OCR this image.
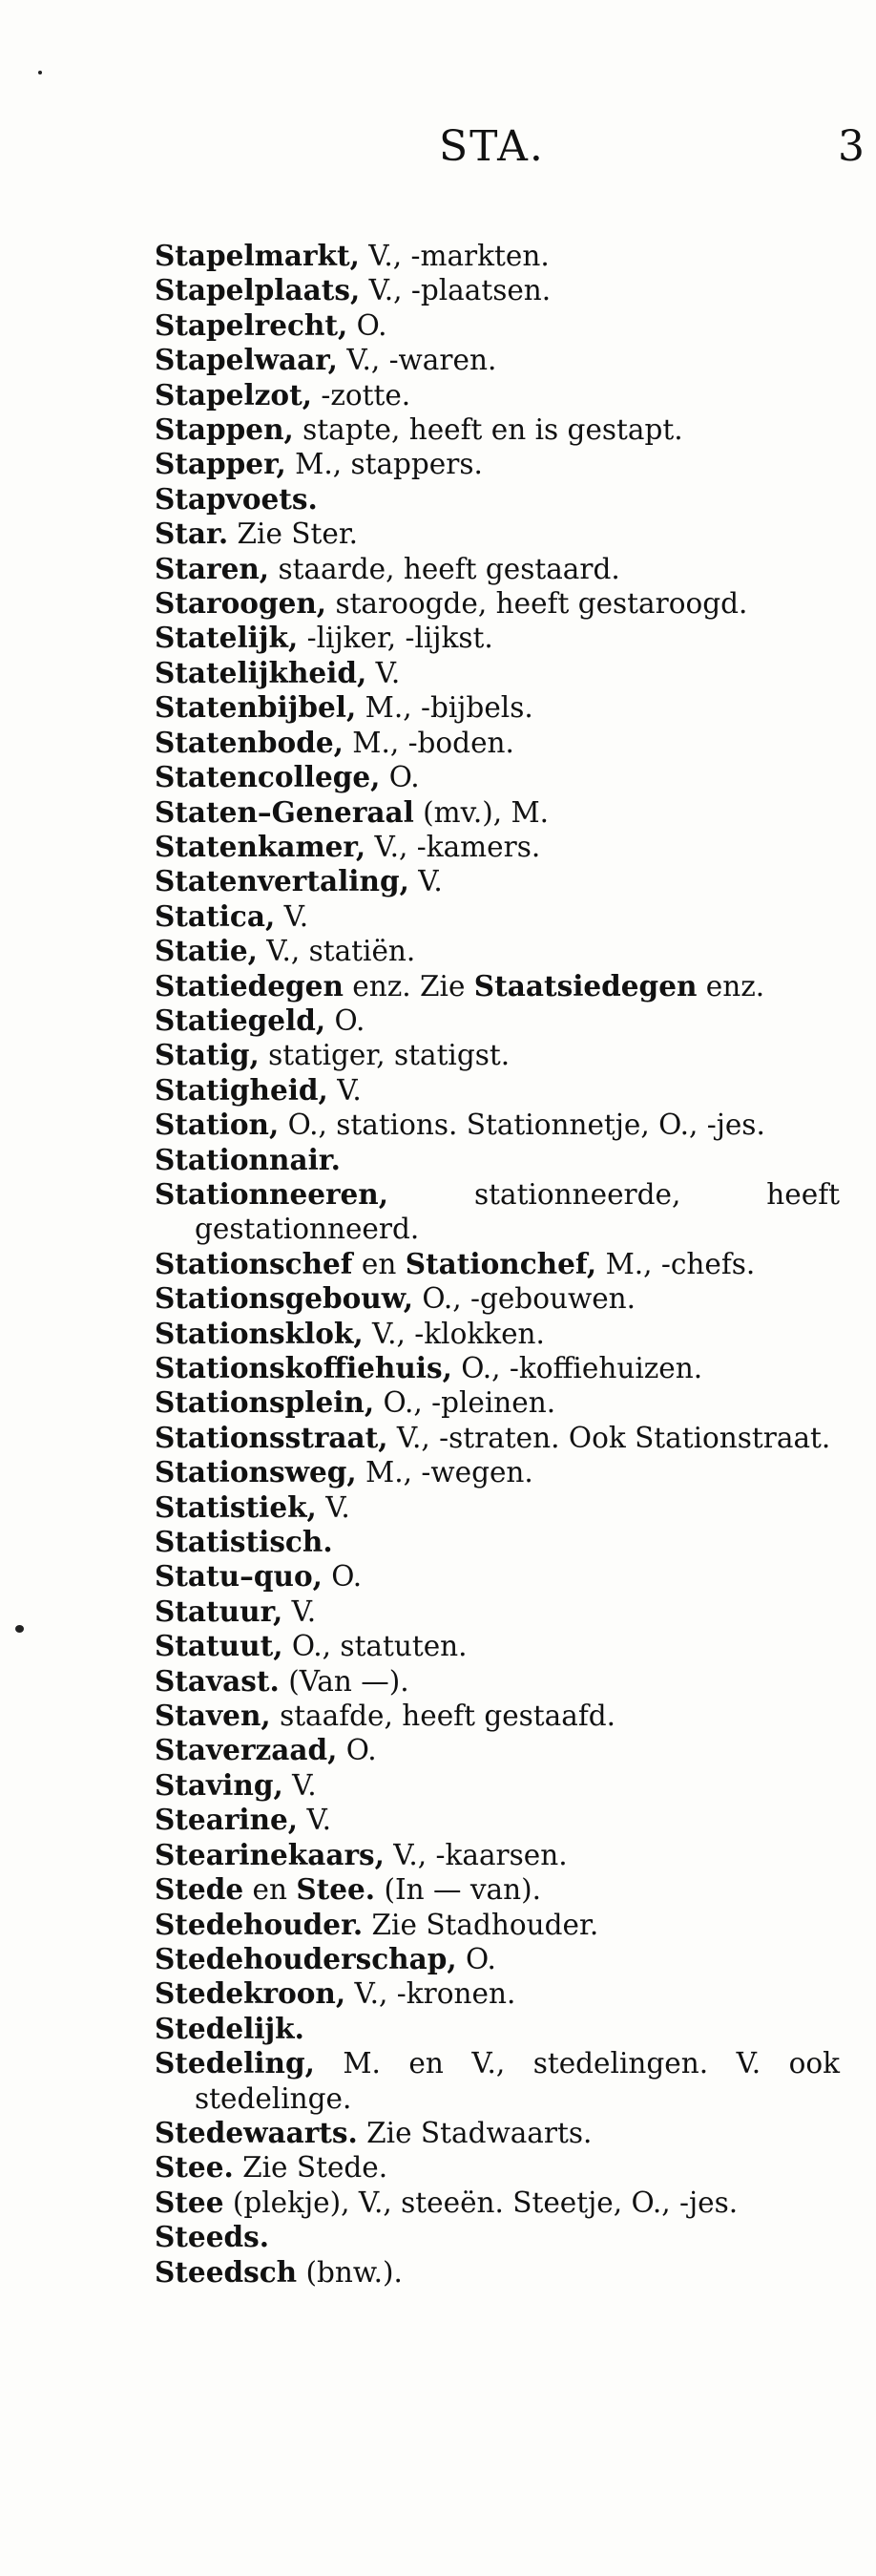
STA.	3
Stapelmarkt, V., -markten.
Stapelplaats, V., -plaatsen.
Stapelrecht, O.
Stapelwaar, V., -waren.
Stapelzot, -zotte.
Stappen, stapte, heeft en is gestapt.
Stapper, M., stappers.
Stapvoets.
Star. Zie Ster.
Staren, staarde, heeft gestaard.
Staroogen, staroogde, heeft gestaroogd.
Statelijk, -lijker, -lijkst.
Statelijkheid, V.
Statenbijbel, M., -bijbels.
Statenbode, M., -boden.
Statencollege, O.
Staten–Generaal (mv.), M.
Statenkamer, V., -kamers.
Statenvertaling, V.
Statica, V.
Statie, V., statiën.
Statiedegen enz. Zie Staatsiedegen enz.
Statiegeld, O.
Statig, statiger, statigst.
Statigheid, V.
Station, O., stations. Stationnetje, O., -jes.
Stationnair.
Stationneeren, stationneerde, heeft gestationneerd.
Stationschef en Stationchef, M., -chefs.
Stationsgebouw, O., -gebouwen.
Stationsklok, V., -klokken.
Stationskoffiehuis, O., -koffiehuizen.
Stationsplein, O., -pleinen.
Stationsstraat, V., -straten. Ook Stationstraat.
Stationsweg, M., -wegen.
Statistiek, V.
Statistisch.
Statu–quo, O.
Statuur, V.
Statuut, O., statuten.
Stavast. (Van —).
Staven, staafde, heeft gestaafd.
Staverzaad, O.
Staving, V.
Stearine, V.
Stearinekaars, V., -kaarsen.
Stede en Stee. (In — van).
Stedehouder. Zie Stadhouder.
Stedehouderschap, O.
Stedekroon, V., -kronen.
Stedelijk.
Stedeling, M. en V., stedelingen. V. ook stedelinge.
Stedewaarts. Zie Stadwaarts.
Stee. Zie Stede.
Stee (plekje), V., steeën. Steetje, O., -jes.
Steeds.
Steedsch (bnw.).
